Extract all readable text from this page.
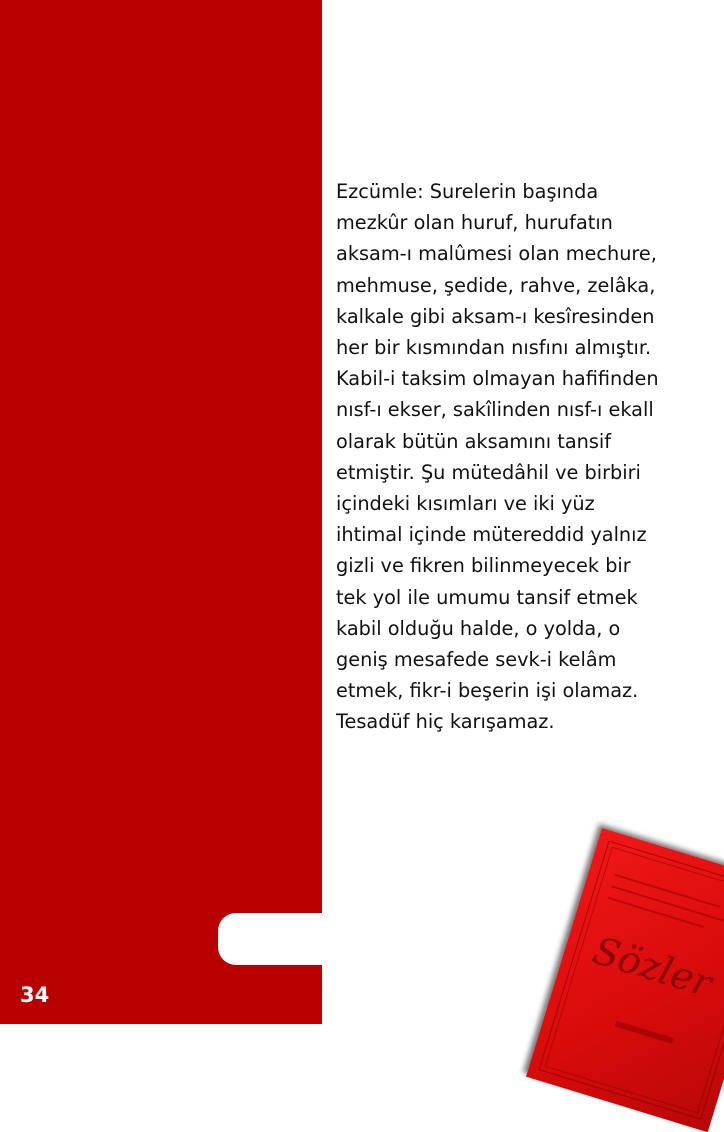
34

Ezcümle: Surelerin başında
mezkûr olan huruf, hurufatın
aksam-ı malûmesi olan mechure,
mehmuse, şedide, rahve, zelâka,
kalkale gibi aksam-ı kesîresinden
her bir kısmından nısfını almıştır.
Kabil-i taksim olmayan hafifinden
nısf-ı ekser, sakîlinden nısf-ı ekall
olarak bütün aksamını tansif
etmiştir. Şu mütedâhil ve birbiri
içindeki kısımları ve iki yüz
ihtimal içinde mütereddid yalnız
gizli ve fikren bilinmeyecek bir
tek yol ile umumu tansif etmek
kabil olduğu halde, o yolda, o
geniş mesafede sevk-i kelâm
etmek, fikr-i beşerin işi olamaz.
Tesadüf hiç karışamaz.

Sözler
